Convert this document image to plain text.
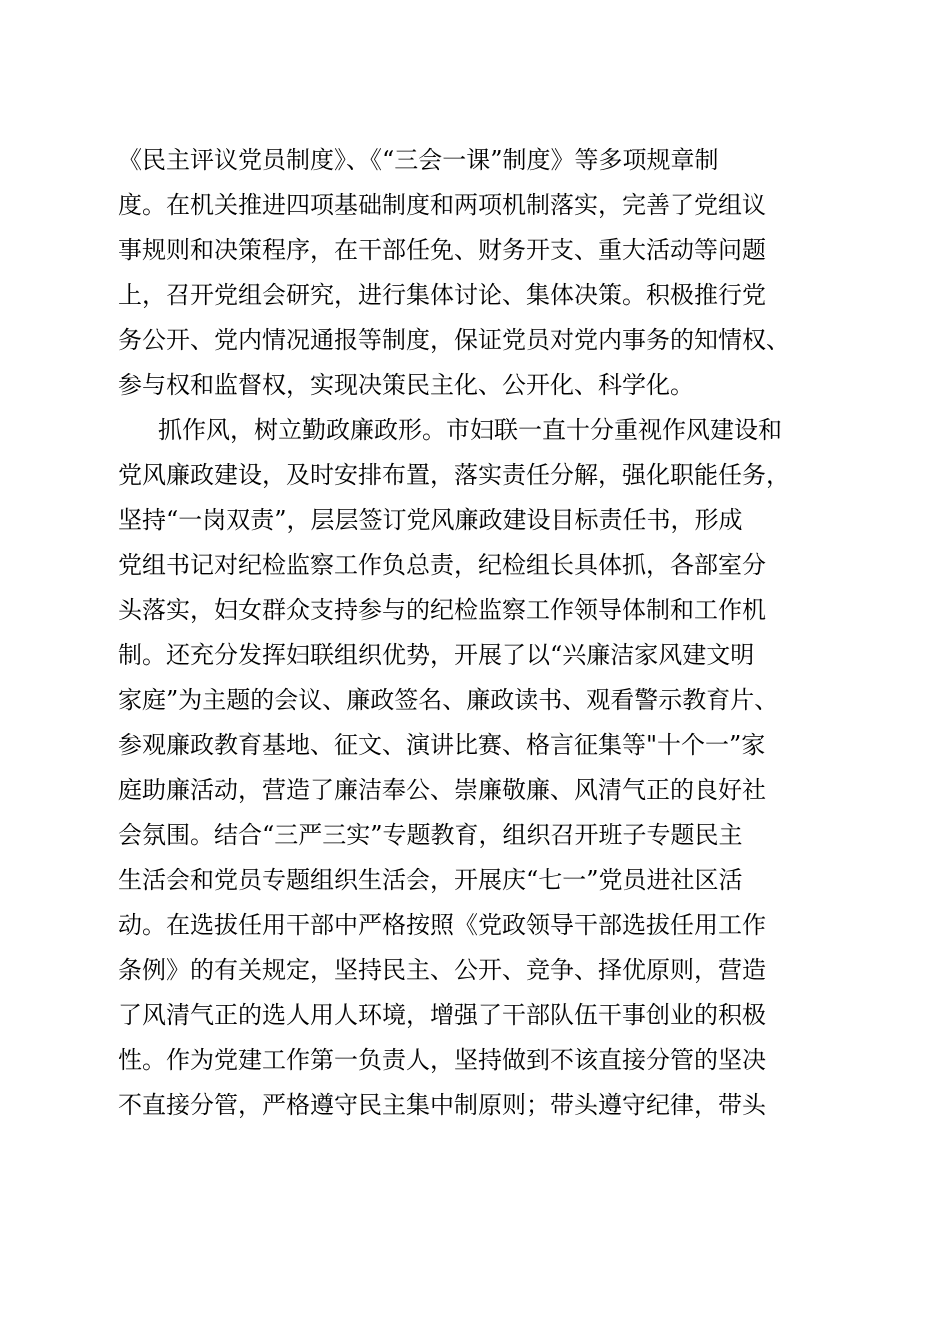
《民主评议党员制度》、《“三会一课”制度》等多项规章制
度。在机关推进四项基础制度和两项机制落实，完善了党组议
事规则和决策程序，在干部任免、财务开支、重大活动等问题
上，召开党组会研究，进行集体讨论、集体决策。积极推行党
务公开、党内情况通报等制度，保证党员对党内事务的知情权、
参与权和监督权，实现决策民主化、公开化、科学化。
抓作风，树立勤政廉政形。市妇联一直十分重视作风建设和
党风廉政建设，及时安排布置，落实责任分解，强化职能任务，
坚持“一岗双责”，层层签订党风廉政建设目标责任书，形成
党组书记对纪检监察工作负总责，纪检组长具体抓，各部室分
头落实，妇女群众支持参与的纪检监察工作领导体制和工作机
制。还充分发挥妇联组织优势，开展了以“兴廉洁家风建文明
家庭”为主题的会议、廉政签名、廉政读书、观看警示教育片、
参观廉政教育基地、征文、演讲比赛、格言征集等"十个一”家
庭助廉活动，营造了廉洁奉公、崇廉敬廉、风清气正的良好社
会氛围。结合“三严三实”专题教育，组织召开班子专题民主
生活会和党员专题组织生活会，开展庆“七一”党员进社区活
动。在选拔任用干部中严格按照《党政领导干部选拔任用工作
条例》的有关规定，坚持民主、公开、竞争、择优原则，营造
了风清气正的选人用人环境，增强了干部队伍干事创业的积极
性。作为党建工作第一负责人，坚持做到不该直接分管的坚决
不直接分管，严格遵守民主集中制原则；带头遵守纪律，带头
